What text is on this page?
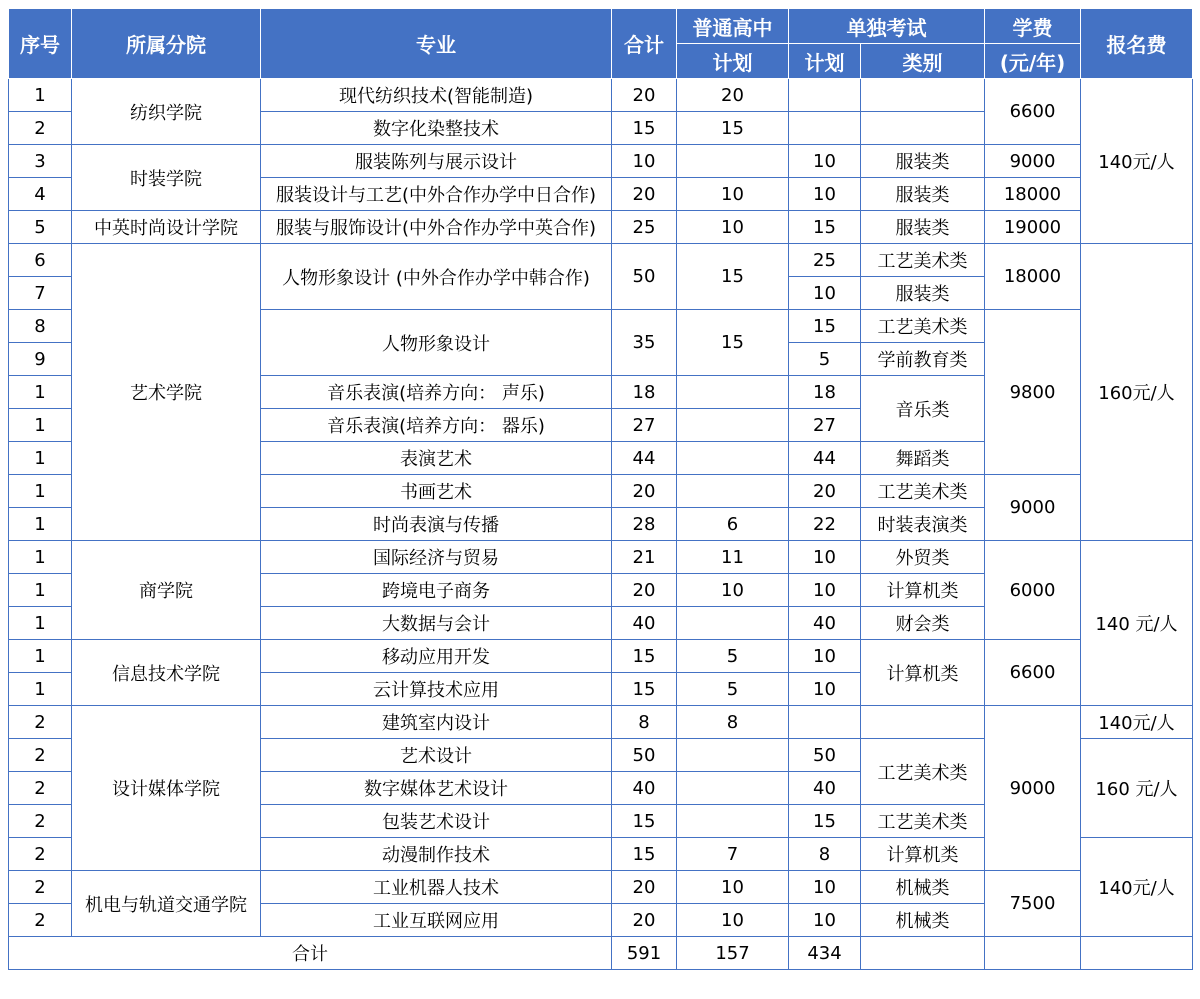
序号	所属分院	专业	合计	普通高中	单独考试		学费	报名费
				计划	计划	类别	(元/年)	
1	纺织学院	现代纺织技术(智能制造)	20	20			6600	140元/人
2		数字化染整技术	15	15				
3	时装学院	服装陈列与展示设计	10		10	服装类	9000	
4		服装设计与工艺(中外合作办学中日合作)	20	10	10	服装类	18000	
5	中英时尚设计学院	服装与服饰设计(中外合作办学中英合作)	25	10	15	服装类	19000	
6	艺术学院	人物形象设计 (中外合作办学中韩合作)	50	15	25	工艺美术类	18000	160元/人
7					10	服装类		
8		人物形象设计	35	15	15	工艺美术类	9800	
9					5	学前教育类		
1		音乐表演(培养方向： 声乐)	18		18	音乐类		
1		音乐表演(培养方向： 器乐)	27		27			
1		表演艺术	44		44	舞蹈类		
1		书画艺术	20		20	工艺美术类	9000	
1		时尚表演与传播	28	6	22	时装表演类		
1	商学院	国际经济与贸易	21	11	10	外贸类	6000	140 元/人
1		跨境电子商务	20	10	10	计算机类		
1		大数据与会计	40		40	财会类		
1	信息技术学院	移动应用开发	15	5	10	计算机类	6600	
1		云计算技术应用	15	5	10			
2	设计媒体学院	建筑室内设计	8	8			9000	140元/人
2		艺术设计	50		50	工艺美术类		160 元/人
2		数字媒体艺术设计	40		40			
2		包装艺术设计	15		15	工艺美术类		
2		动漫制作技术	15	7	8	计算机类		140元/人
2	机电与轨道交通学院	工业机器人技术	20	10	10	机械类	7500	
2		工业互联网应用	20	10	10	机械类		
合计			591	157	434			
